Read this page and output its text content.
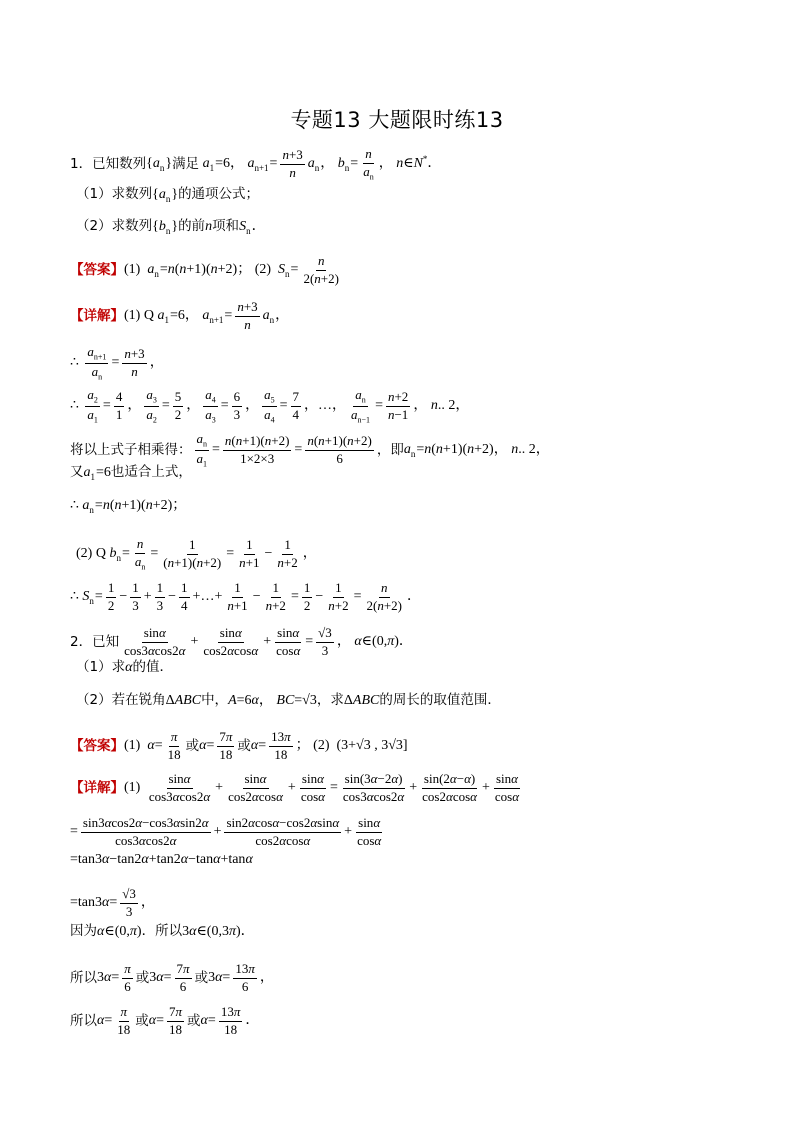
专题13 大题限时练13
1． 已知数列 $\{a_n\}$ 满足 $a_1=6$， $a_{n+1}= \frac{n+3}{n} a_n$， $b_n= \frac{n}{a_n}$ ， n∈N*．
（1）求数列 $\{a_n\}$ 的通项公式；
（2）求数列 $\{b_n\}$ 的前 n 项和 $S_n$．
【答案】 (1)  $a_n=n(n+1)(n+2)$； (2)  $S_n= \frac{n}{2(n+2)}$
【详解】 (1) Q $a_1=6$， $a_{n+1}= \frac{n+3}{n} a_n$，
∴ $\frac{a_{n+1}}{a_n} = \frac{n+3}{n}$ ，
∴ $\frac{a_2}{a_1} = \frac{4}{1}$ ， $\frac{a_3}{a_2} = \frac{5}{2}$ ， $\frac{a_4}{a_3} = \frac{6}{3}$ ， $\frac{a_5}{a_4} = \frac{7}{4}$ ，…， $\frac{a_n}{a_{n-1}} = \frac{n+2}{n-1}$ ， n.. 2，
将以上式子相乘得： $\frac{a_n}{a_1} = \frac{n(n+1)(n+2)}{1\times 2\times 3} = \frac{n(n+1)(n+2)}{6}$ ，即 $a_n=n(n+1)(n+2)$， n.. 2，
又 $a_1=6$ 也适合上式，
∴ $a_n=n(n+1)(n+2)$；
(2) Q $b_n= \frac{n}{a_n} = \frac{1}{(n+1)(n+2)} = \frac{1}{n+1} - \frac{1}{n+2}$ ，
∴ $S_n= \frac{1}{2} - \frac{1}{3} + \frac{1}{3} - \frac{1}{4}$ +…+ $\frac{1}{n+1} - \frac{1}{n+2} = \frac{1}{2} - \frac{1}{n+2} = \frac{n}{2(n+2)}$ ．
2． 已知 $\frac{\sin\alpha}{\cos 3\alpha\cos 2\alpha} + \frac{\sin\alpha}{\cos 2\alpha\cos\alpha} + \frac{\sin\alpha}{\cos\alpha} = \frac{√3}{3}$ ， α∈(0,π)．
（1）求 α 的值．
（2）若在锐角 ΔABC 中， A=6α， BC=√3 ，求 ΔABC 的周长的取值范围．
【答案】 (1)  $\alpha= \frac{\pi}{18}$ 或 $\alpha = \frac{7\pi}{18}$ 或 $\alpha = \frac{13\pi}{18}$ ； (2)  (3+√3 , 3√3]
【详解】 $(1) \frac{\sin\alpha}{\cos 3\alpha\cos 2\alpha} + \frac{\sin\alpha}{\cos 2\alpha\cos\alpha} + \frac{\sin\alpha}{\cos\alpha} = \frac{\sin(3\alpha-2\alpha)}{\cos 3\alpha\cos 2\alpha} + \frac{\sin(2\alpha-\alpha)}{\cos 2\alpha\cos\alpha} + \frac{\sin\alpha}{\cos\alpha}$
= $\frac{\sin 3\alpha\cos 2\alpha-\cos 3\alpha\sin 2\alpha}{\cos 3\alpha\cos 2\alpha} + \frac{\sin 2\alpha\cos\alpha-\cos 2\alpha\sin\alpha}{\cos 2\alpha\cos\alpha} + \frac{\sin\alpha}{\cos\alpha}$
=tan3α−tan2α+tan2α−tanα+tanα
$=\tan 3\alpha= \frac{√3}{3}$ ，
因为 α∈(0,π) ．所以 3α∈(0,3π)．
所以 $3\alpha= \frac{\pi}{6}$ 或 $3\alpha= \frac{7\pi}{6}$ 或 $3\alpha= \frac{13\pi}{6}$ ，
所以 $\alpha = \frac{\pi}{18}$ 或 $\alpha = \frac{7\pi}{18}$ 或 $\alpha = \frac{13\pi}{18}$ ．
